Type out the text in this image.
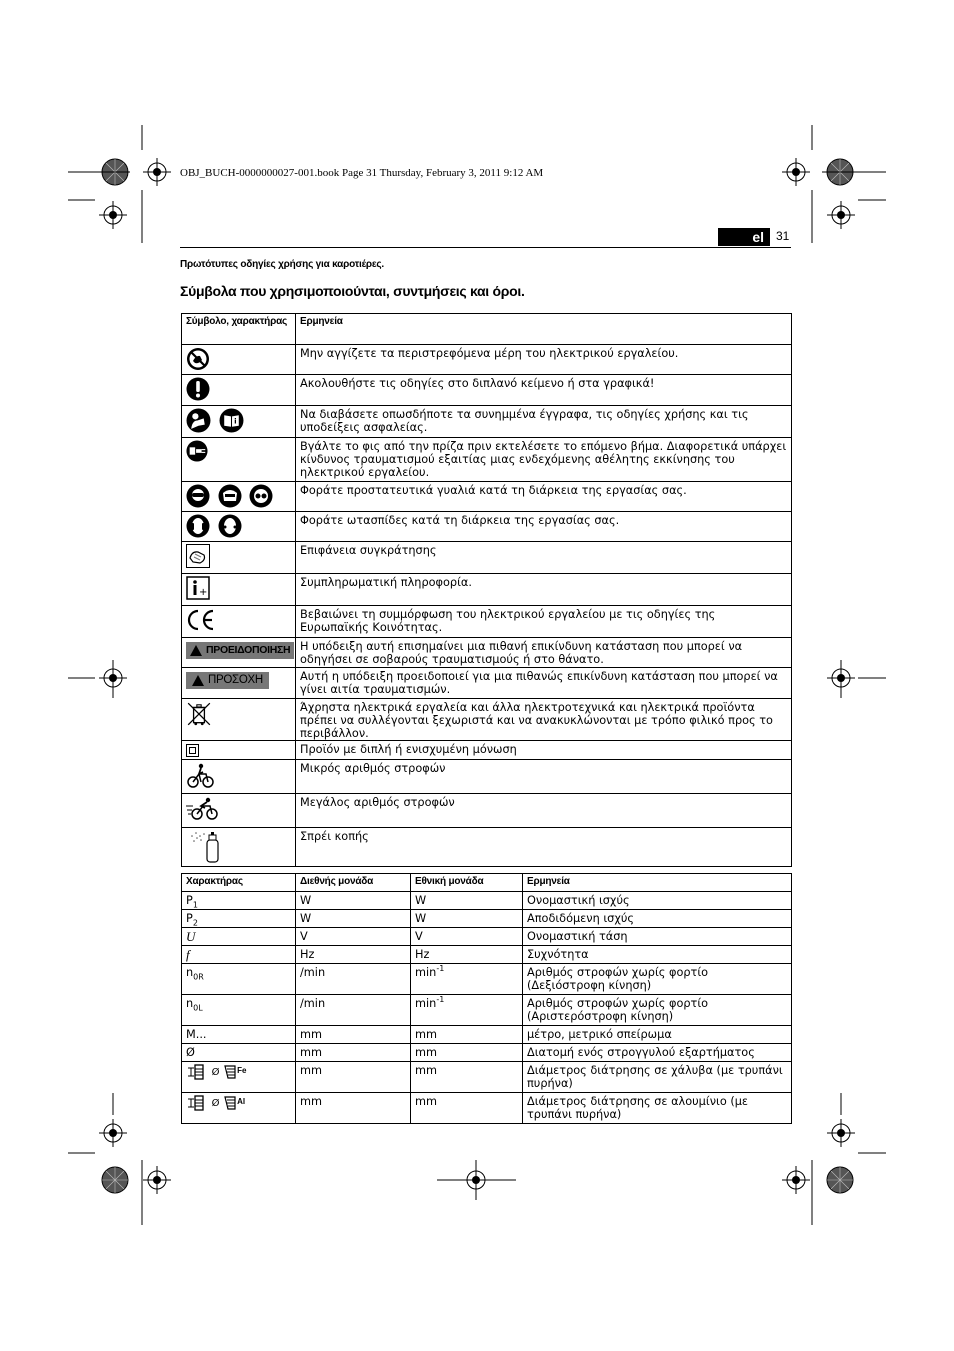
OBJ_BUCH-0000000027-001.book Page 31 Thursday, February 3, 2011 9:12 AM
el	31
Πρωτότυπες οδηγίες χρήσης για καροτιέρες.
Σύμβολα που χρησιμοποιούνται, συντμήσεις και όροι.
Σύμβολο, χαρακτήρας	Ερμηνεία
	Μην αγγίζετε τα περιστρεφόμενα μέρη του ηλεκτρικού εργαλείου.
	Ακολουθήστε τις οδηγίες στο διπλανό κείμενο ή στα γραφικά!

i	Να διαβάσετε οπωσδήποτε τα συνημμένα έγγραφα, τις οδηγίες χρήσης και τις υποδείξεις ασφαλείας.
	Βγάλτε το φις από την πρίζα πριν εκτελέσετε το επόμενο βήμα. Διαφορετικά υπάρχει κίνδυνος τραυματισμού εξαιτίας μιας ενδεχόμενης αθέλητης εκκίνησης του ηλεκτρικού εργαλείου.
	Φοράτε προστατευτικά γυαλιά κατά τη διάρκεια της εργασίας σας.
	Φοράτε ωτασπίδες κατά τη διάρκεια της εργασίας σας.
	Επιφάνεια συγκράτησης

+	Συμπληρωματική πληροφορία.
	Βεβαιώνει τη συμμόρφωση του ηλεκτρικού εργαλείου με τις οδηγίες της Ευρωπαϊκής Κοινότητας.

ΠΡΟΕΙΔΟΠΟΙΗΣΗ	Η υπόδειξη αυτή επισημαίνει μια πιθανή επικίνδυνη κατάσταση που μπορεί να οδηγήσει σε σοβαρούς τραυματισμούς ή στο θάνατο.

ΠΡΟΣΟΧΗ	Αυτή η υπόδειξη προειδοποιεί για μια πιθανώς επικίνδυνη κατάσταση που μπορεί να γίνει αιτία τραυματισμών.
	Άχρηστα ηλεκτρικά εργαλεία και άλλα ηλεκτροτεχνικά και ηλεκτρικά προϊόντα πρέπει να συλλέγονται ξεχωριστά και να ανακυκλώνονται με τρόπο φιλικό προς το περιβάλλον.
	Προϊόν με διπλή ή ενισχυμένη μόνωση
	Μικρός αριθμός στροφών
	Μεγάλος αριθμός στροφών
	Σπρέι κοπής
Χαρακτήρας	Διεθνής μονάδα	Εθνική μονάδα	Ερμηνεία
$P_1$	W	W	Ονομαστική ισχύς
$P_2$	W	W	Αποδιδόμενη ισχύς
U	V	V	Ονομαστική τάση
f	Hz	Hz	Συχνότητα
$n_{0R}$	/min	$\min^{-1}$	Αριθμός στροφών χωρίς φορτίο (Δεξιόστροφη κίνηση)
$n_{0L}$	/min	$\min^{-1}$	Αριθμός στροφών χωρίς φορτίο (Αριστερόστροφη κίνηση)
M...	mm	mm	μέτρο, μετρικό σπείρωμα
Ø	mm	mm	Διατομή ενός στρογγυλού εξαρτήματος
Ø $^{Fe}$	mm	mm	Διάμετρος διάτρησης σε χάλυβα (με τρυπάνι πυρήνα)
Ø $^{Al}$	mm	mm	Διάμετρος διάτρησης σε αλουμίνιο (με τρυπάνι πυρήνα)
